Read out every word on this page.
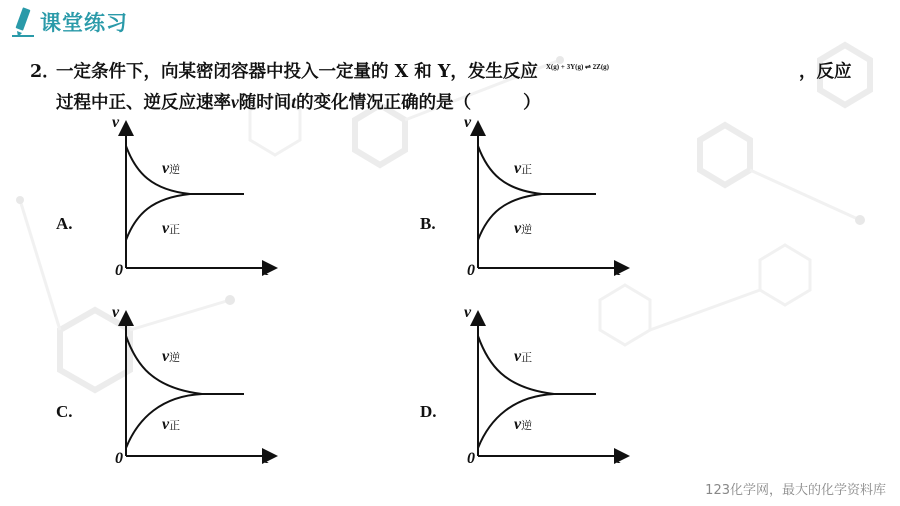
课堂练习
2．一定条件下，向某密闭容器中投入一定量的 X 和 Y，发生反应 X(g) + 3Y(g) ⇌ 2Z(g)	，反应
过程中正、逆反应速率v随时间t的变化情况正确的是（	）
A.	B.
C.	D.
v
t
0
v逆
v正
v
t
0
v正
v逆
v
t
0
v逆
v正
v
t
0
v正
v逆
123化学网，最大的化学资料库
